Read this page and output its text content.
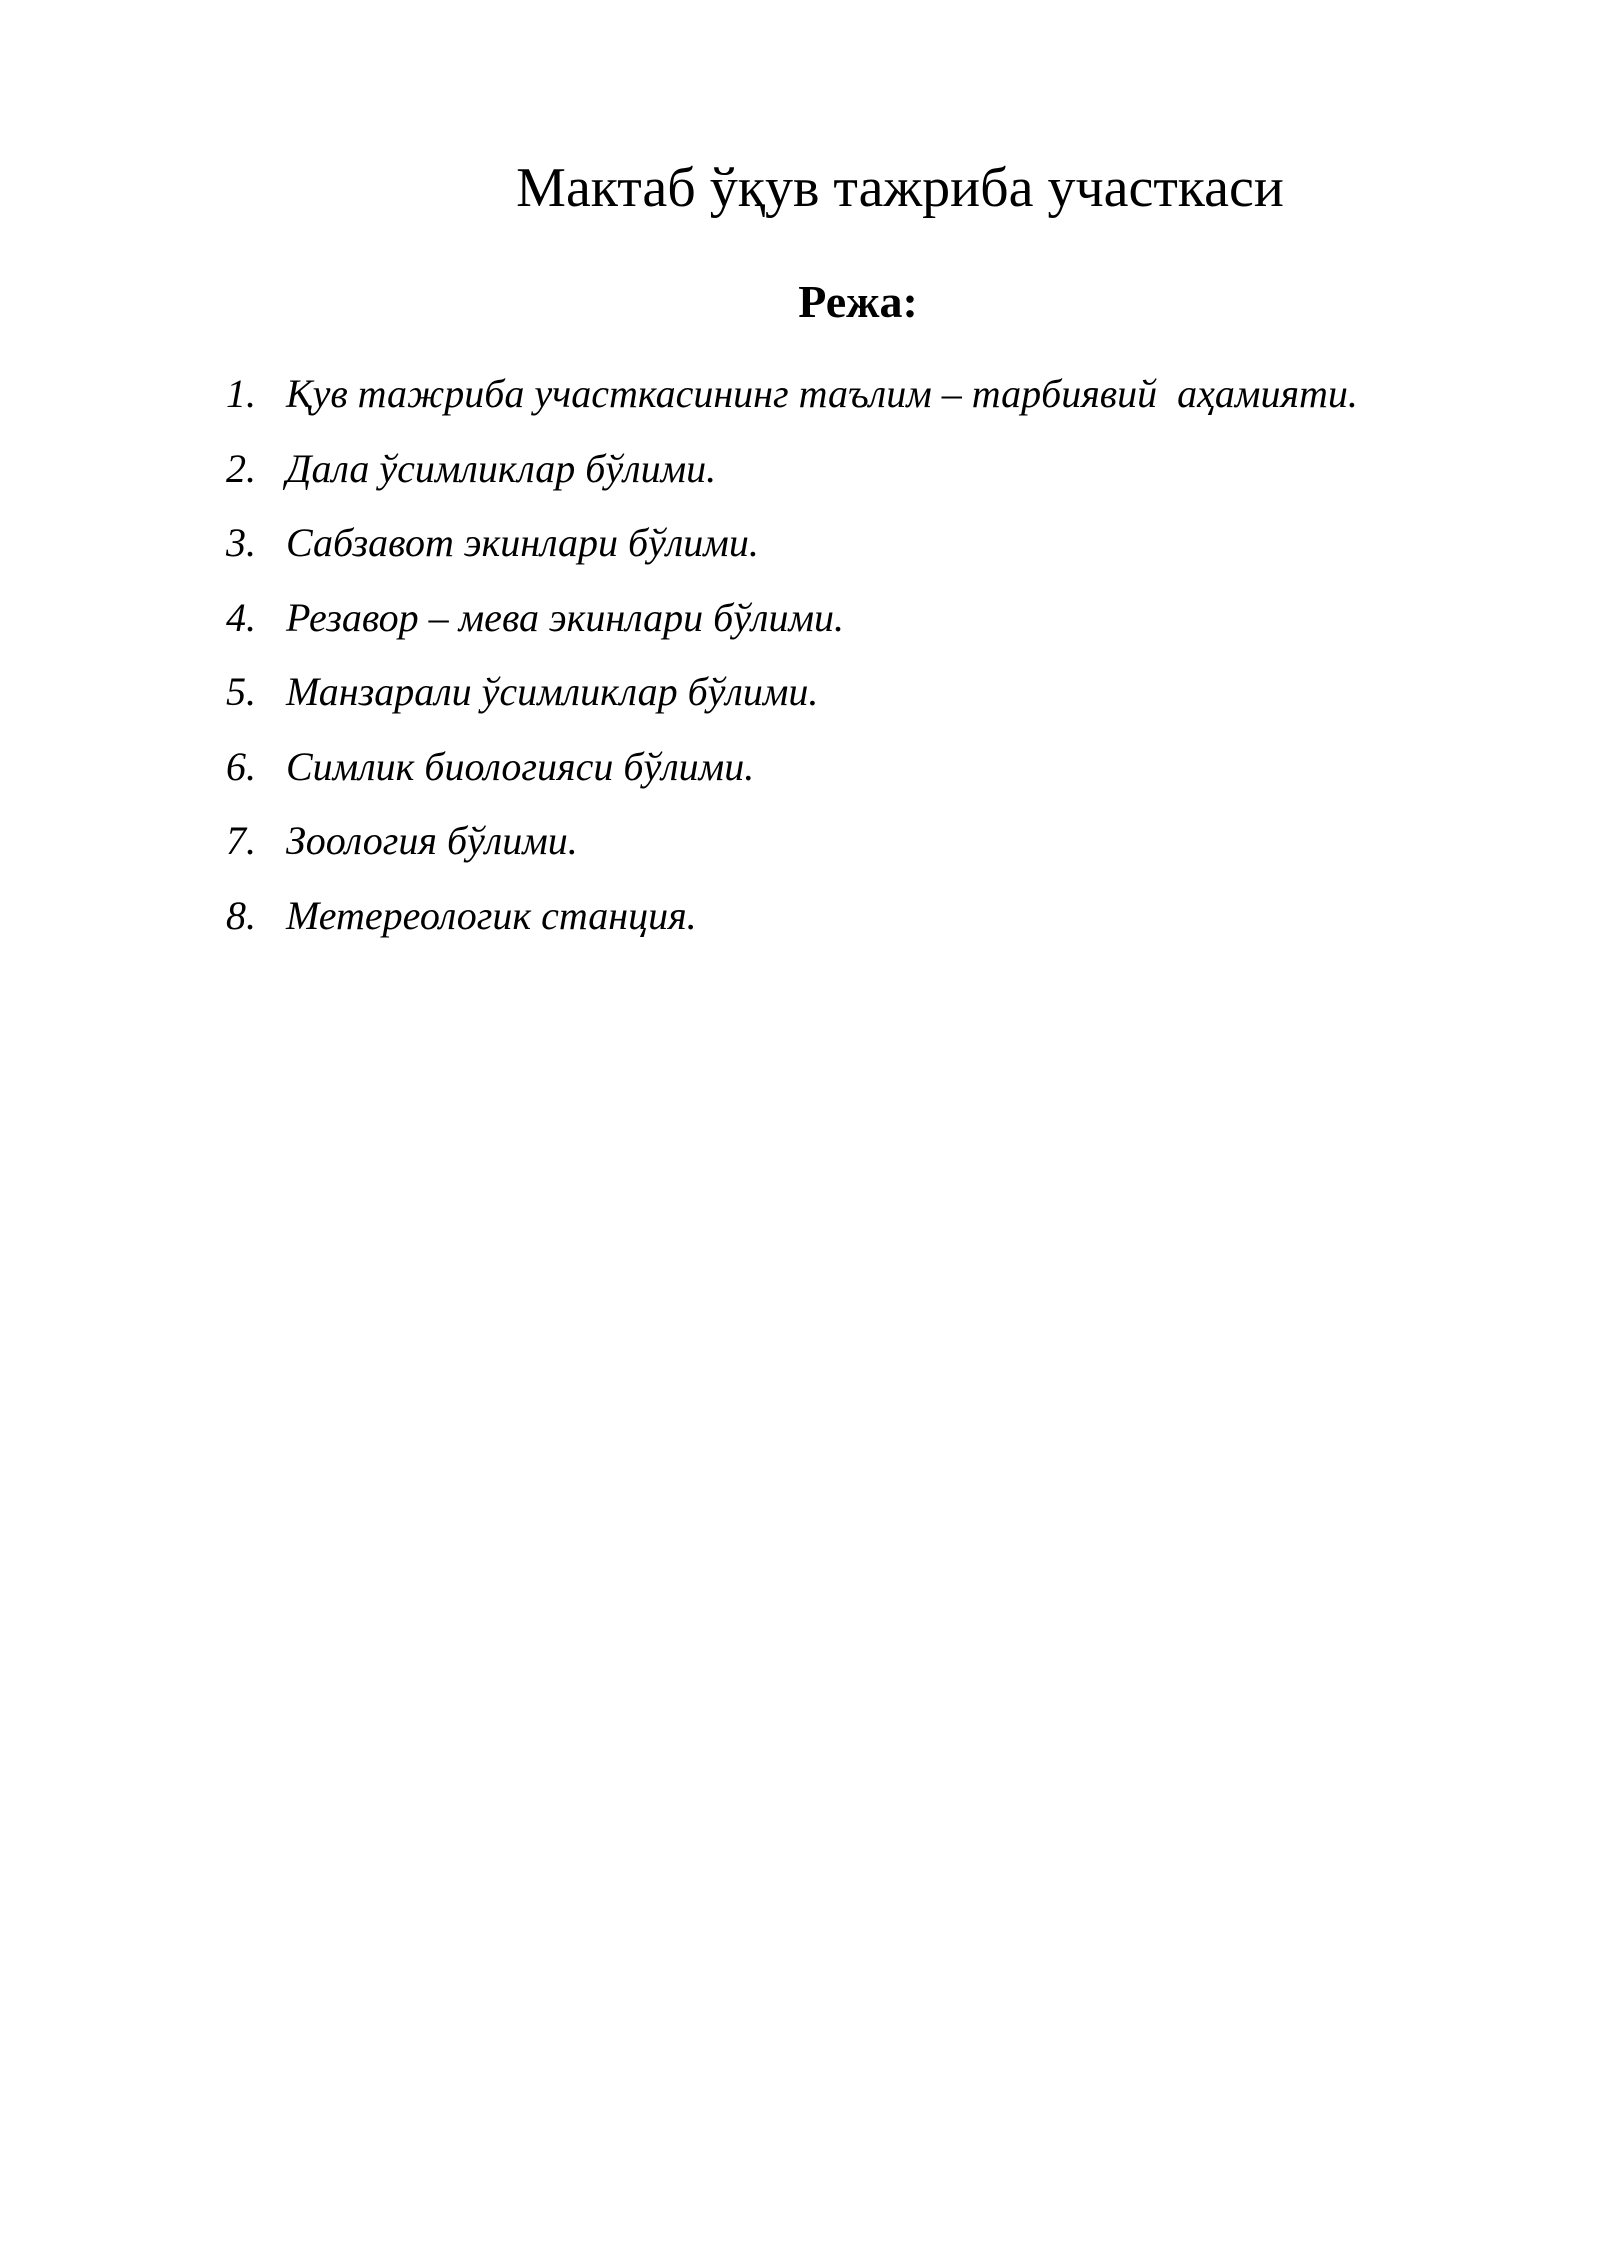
Мактаб ўқув тажриба участкаси
Режа:
1. Қув тажриба участкасининг таълим – тарбиявий  аҳамияти.
2. Дала ўсимликлар бўлими.
3. Сабзавот экинлари бўлими.
4. Резавор – мева экинлари бўлими.
5. Манзарали ўсимликлар бўлими.
6. Симлик биологияси бўлими.
7. Зоология бўлими.
8. Метереологик станция.
